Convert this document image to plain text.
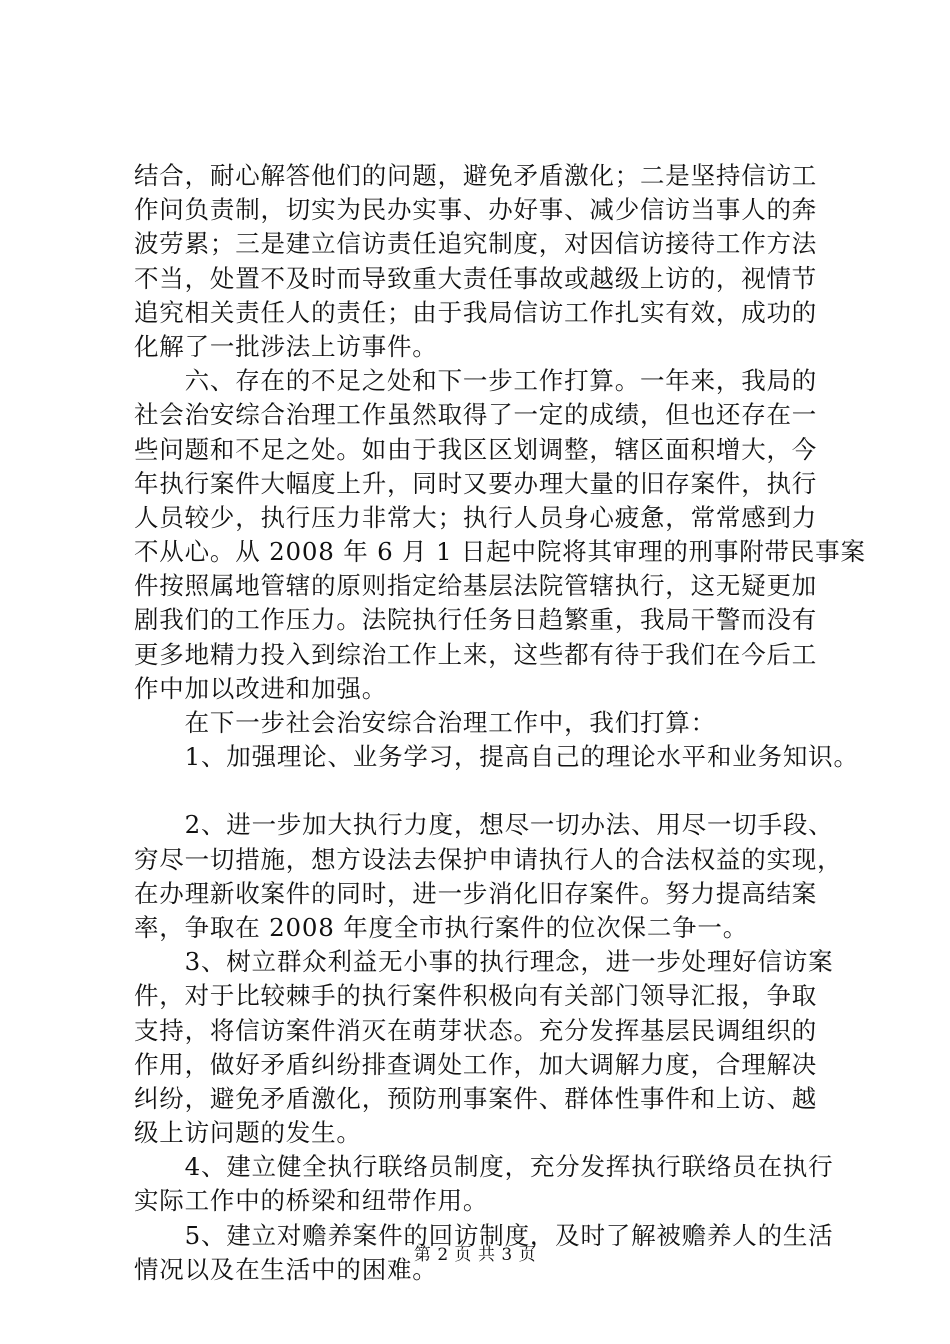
结合，耐心解答他们的问题，避免矛盾激化；二是坚持信访工
作问负责制，切实为民办实事、办好事、减少信访当事人的奔
波劳累；三是建立信访责任追究制度，对因信访接待工作方法
不当，处置不及时而导致重大责任事故或越级上访的，视情节
追究相关责任人的责任；由于我局信访工作扎实有效，成功的
化解了一批涉法上访事件。
　　六、存在的不足之处和下一步工作打算。一年来，我局的
社会治安综合治理工作虽然取得了一定的成绩，但也还存在一
些问题和不足之处。如由于我区区划调整，辖区面积增大，今
年执行案件大幅度上升，同时又要办理大量的旧存案件，执行
人员较少，执行压力非常大；执行人员身心疲惫，常常感到力
不从心。从 2008 年 6 月 1 日起中院将其审理的刑事附带民事案
件按照属地管辖的原则指定给基层法院管辖执行，这无疑更加
剧我们的工作压力。法院执行任务日趋繁重，我局干警而没有
更多地精力投入到综治工作上来，这些都有待于我们在今后工
作中加以改进和加强。
　　在下一步社会治安综合治理工作中，我们打算：
　　1、加强理论、业务学习，提高自己的理论水平和业务知识。
　　2、进一步加大执行力度，想尽一切办法、用尽一切手段、
穷尽一切措施，想方设法去保护申请执行人的合法权益的实现，
在办理新收案件的同时，进一步消化旧存案件。努力提高结案
率，争取在 2008 年度全市执行案件的位次保二争一。
　　3、树立群众利益无小事的执行理念，进一步处理好信访案
件，对于比较棘手的执行案件积极向有关部门领导汇报，争取
支持，将信访案件消灭在萌芽状态。充分发挥基层民调组织的
作用，做好矛盾纠纷排查调处工作，加大调解力度，合理解决
纠纷，避免矛盾激化，预防刑事案件、群体性事件和上访、越
级上访问题的发生。
　　4、建立健全执行联络员制度，充分发挥执行联络员在执行
实际工作中的桥梁和纽带作用。
　　5、建立对赡养案件的回访制度，及时了解被赡养人的生活
情况以及在生活中的困难。
第 2 页 共 3 页
